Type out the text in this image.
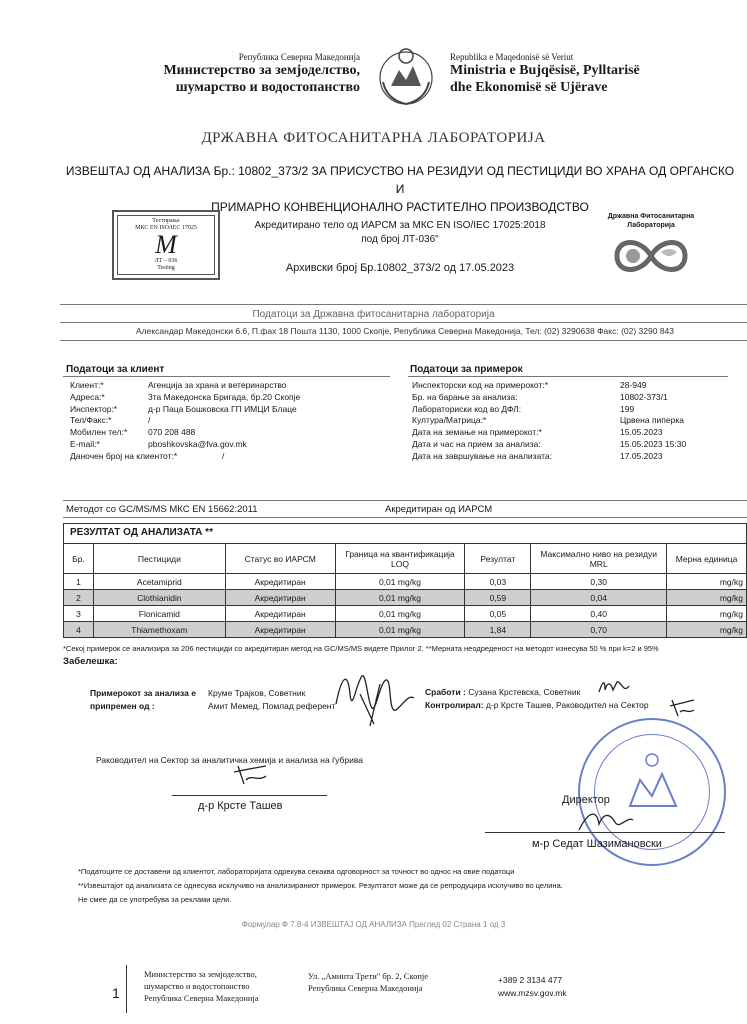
Република Северна Македонија
Министерство за земјоделство,
шумарство и водостопанство
Republika e Maqedonisë së Veriut
Ministria e Bujqësisë, Pylltarisë
dhe Ekonomisë së Ujërave
ДРЖАВНА ФИТОСАНИТАРНА ЛАБОРАТОРИЈА
ИЗВЕШТАЈ ОД АНАЛИЗА Бр.: 10802_373/2 ЗА ПРИСУСТВО НА РЕЗИДУИ ОД ПЕСТИЦИДИ ВО ХРАНА ОД ОРГАНСКО И
ПРИМАРНО КОНВЕНЦИОНАЛНО РАСТИТЕЛНО ПРОИЗВОДСТВО
Тестирање
МКС EN ISO/IEC 17025
M
ЛТ – 036
Testing
Акредитирано тело од ИАРСМ за МКС EN ISO/IEC 17025:2018
под број ЛТ-036"
Архивски број Бр.10802_373/2 од 17.05.2023
Државна Фитосанитарна
Лабораторија
Податоци за Државна фитосанитарна лабораторија
Александар Македонски 6.6, П.фах 18 Пошта 1130, 1000 Скопје, Република Северна Македонија, Тел: (02) 3290638 Факс: (02) 3290 843
Податоци за клиент
Клиент:*	Агенција за храна и ветеринарство
Адреса:*	3та Македонска Бригада, бр.20 Скопје
Инспектор:*	д-р Паца Бошковска ГП ИМЦИ Блаце
Тел/Факс:*	/
Мобилен тел:* 070 208 488
E-mail:*	pboshkovska@fva.gov.mk
Даночен број на клиентот:*	/
Податоци за примерок
Инспекторски код на примерокот:*	28-949
Бр. на барање за анализа:	10802-373/1
Лабораториски код во ДФЛ:	199
Култура/Матрица:*	Црвена пиперка
Дата на земање на примерокот:*	15.05.2023
Дата и час на прием за анализа:	15.05.2023 15:30
Дата на завршување на анализата:	17.05.2023
Методот со GC/MS/MS МКС EN 15662:2011	Акредитиран од ИАРСМ
РЕЗУЛТАТ ОД АНАЛИЗАТА **
Бр.	Пестициди	Статус во ИАРСМ	Граница на квантификација LOQ	Резултат	Максимално ниво на резидуи MRL	Мерна единица
1	Acetamiprid	Акредитиран	0,01 mg/kg	0,03	0,30	mg/kg
2	Clothianidin	Акредитиран	0,01 mg/kg	0,59	0,04	mg/kg
3	Flonicamid	Акредитиран	0,01 mg/kg	0,05	0,40	mg/kg
4	Thiamethoxam	Акредитиран	0,01 mg/kg	1,84	0,70	mg/kg
*Секој примерок се анализира за 206 пестициди со акредитиран метод на GC/MS/MS видете Прилог 2. **Мерната неодреденост на методот изнесува 50 % при k=2 и 95%
Забелешка:
Примерокот за анализа е
припремен од :
Круме Трајков, Советник
Амит Мемед, Помлад референт
Сработи : Сузана Крстевска, Советник
Контролирал: д-р Крсте Ташев, Раководител на Сектор
Раководител на Сектор за аналитичка хемија и анализа на ѓубрива
д-р Крсте Ташев	Директор
м-р Седат Шазимановски
*Податоците се доставени од клиентот, лабораторијата одрекува секаква одговорност за точност во однос на овие податоци
**Извештајот од анализата се однесува исклучиво на анализираниот примерок. Резултатот може да се репродуцира исклучиво во целина.
Не смее да се употребува за реклами цели.
Формулар Ф 7.8-4 ИЗВЕШТАЈ ОД АНАЛИЗА Преглед 02 Страна 1 од 3
1
Министерство за земјоделство,
шумарство и водостопанство
Република Северна Македонија
Ул. „Аминта Трети" бр. 2, Скопје
Република Северна Македонија
+389 2 3134 477
www.mzsv.gov.mk
